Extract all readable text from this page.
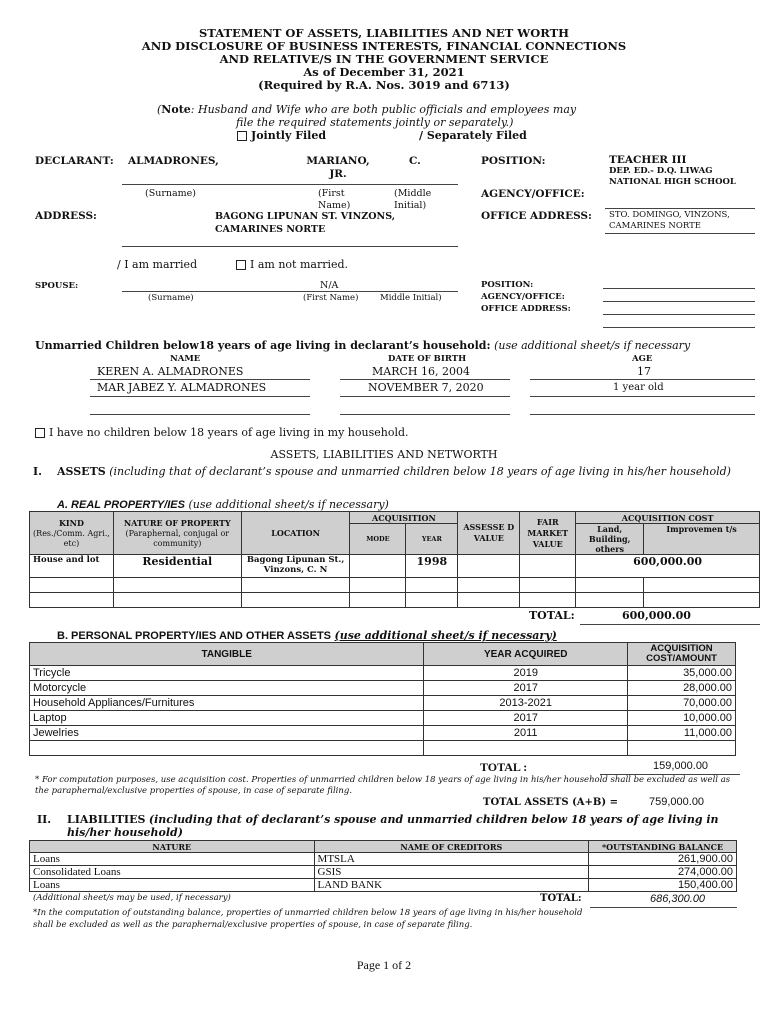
STATEMENT OF ASSETS, LIABILITIES AND NET WORTH
AND DISCLOSURE OF BUSINESS INTERESTS, FINANCIAL CONNECTIONS
AND RELATIVE/S IN THE GOVERNMENT SERVICE
As of December 31, 2021
(Required by R.A. Nos. 3019 and 6713)
(Note: Husband and Wife who are both public officials and employees may
file the required statements jointly or separately.)
Jointly Filed	/ Separately Filed
DECLARANT: ALMADRONES,	MARIANO, JR.
C.
(Surname)	(First Name)
(Middle Initial)
POSITION:	TEACHER III
DEP. ED.- D.Q. LIWAG NATIONAL HIGH SCHOOL
AGENCY/OFFICE:
ADDRESS:	BAGONG LIPUNAN ST. VINZONS, CAMARINES NORTE
OFFICE ADDRESS: STO. DOMINGO, VINZONS, CAMARINES NORTE
/ I am married	I am not married.
SPOUSE:	N/A
(Surname)	(First Name)	Middle Initial)
POSITION:
AGENCY/OFFICE:
OFFICE ADDRESS:
Unmarried Children below18 years of age living in declarant’s household: (use additional sheet/s if necessary
NAME	DATE OF BIRTH	AGE
KEREN A. ALMADRONES	MARCH 16, 2004	17
MAR JABEZ Y. ALMADRONES	NOVEMBER 7, 2020	1 year old
I have no children below 18 years of age living in my household.
ASSETS, LIABILITIES AND NETWORTH
I. ASSETS (including that of declarant’s spouse and unmarried children below 18 years of age living in his/her household)
A. REAL PROPERTY/IES (use additional sheet/s if necessary)
KIND
(Res./Comm. Agri., etc)	NATURE OF PROPERTY
(Paraphernal, conjugal or community)	LOCATION	ACQUISITION		ASSESSE D VALUE	FAIR MARKET VALUE	ACQUISITION COST	
			MODE	YEAR			Land, Building, others	Improvemen t/s
House and lot	Residential	Bagong Lipunan St., Vinzons, C. N		1998			600,000.00	

TOTAL:	600,000.00
B. PERSONAL PROPERTY/IES AND OTHER ASSETS (use additional sheet/s if necessary)
TANGIBLE	YEAR ACQUIRED	ACQUISITION COST/AMOUNT
Tricycle	2019	35,000.00
Motorcycle	2017	28,000.00
Household Appliances/Furnitures	2013-2021	70,000.00
Laptop	2017	10,000.00
Jewelries	2011	11,000.00

TOTAL :	159,000.00
* For computation purposes, use acquisition cost. Properties of unmarried children below 18 years of age living in his/her household shall be excluded as well as the paraphernal/exclusive properties of spouse, in case of separate filing.
TOTAL ASSETS (A+B) =	759,000.00
II. LIABILITIES (including that of declarant’s spouse and unmarried children below 18 years of age living in his/her household)
NATURE	NAME OF CREDITORS	*OUTSTANDING BALANCE
Loans	MTSLA	261,900.00
Consolidated Loans	GSIS	274,000.00
Loans	LAND BANK	150,400.00
(Additional sheet/s may be used, if necessary)	TOTAL:	686,300.00
*In the computation of outstanding balance, properties of unmarried children below 18 years of age living in his/her household shall be excluded as well as the paraphernal/exclusive properties of spouse, in case of separate filing.
Page 1 of 2
